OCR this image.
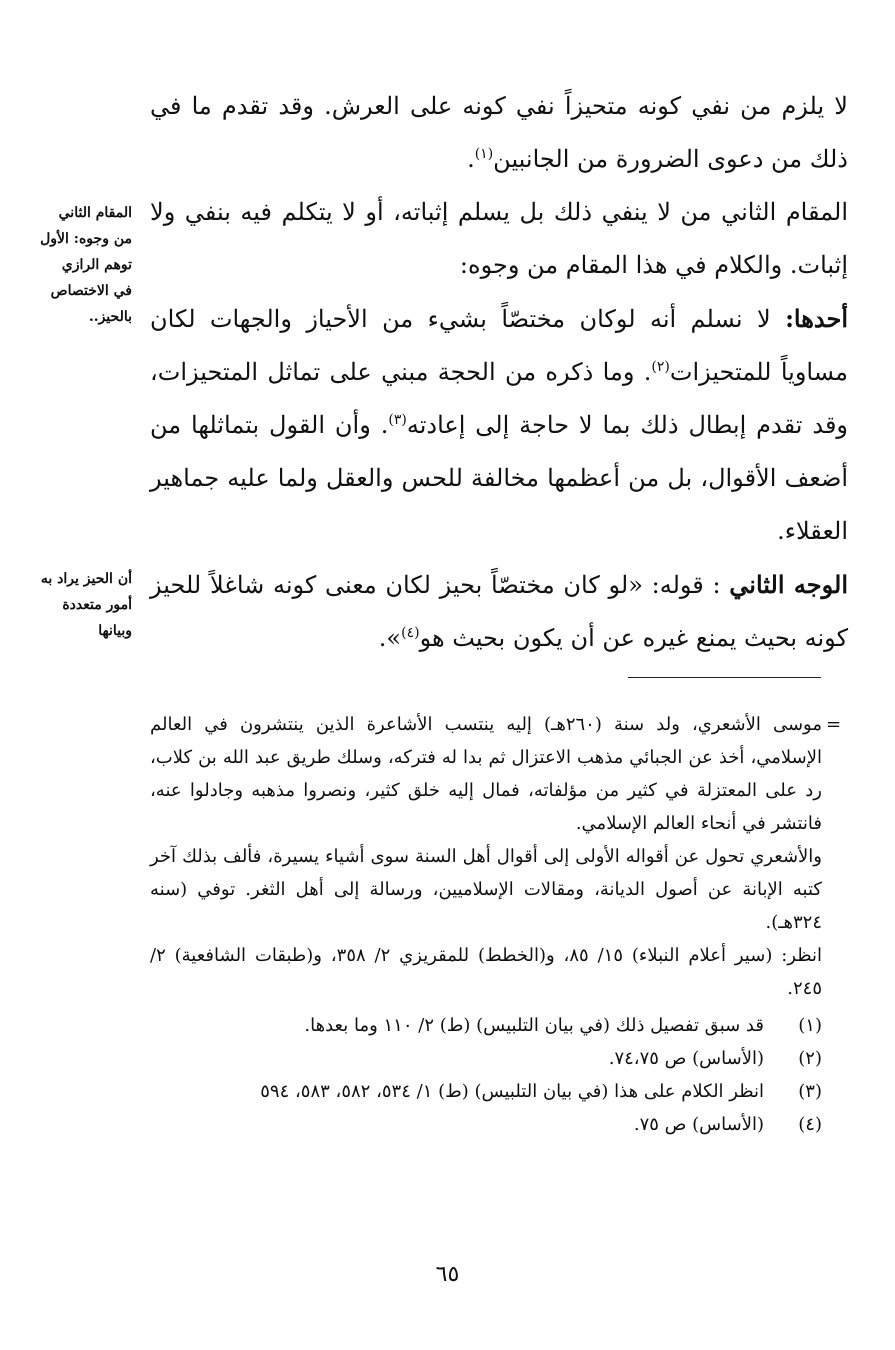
لا يلزم من نفي كونه متحيزاً نفي كونه على العرش. وقد تقدم ما في ذلك من دعوى الضرورة من الجانبين$^{(١)}$.

المقام الثاني من لا ينفي ذلك بل يسلم إثباته، أو لا يتكلم فيه بنفي ولا إثبات. والكلام في هذا المقام من وجوه:

أحدها: لا نسلم أنه لوكان مختصّاً بشيء من الأحياز والجهات لكان مساوياً للمتحيزات$^{(٢)}$. وما ذكره من الحجة مبني على تماثل المتحيزات، وقد تقدم إبطال ذلك بما لا حاجة إلى إعادته$^{(٣)}$. وأن القول بتماثلها من أضعف الأقوال، بل من أعظمها مخالفة للحس والعقل ولما عليه جماهير العقلاء.

الوجه الثاني : قوله: «لو كان مختصّاً بحيز لكان معنى كونه شاغلاً للحيز كونه بحيث يمنع غيره عن أن يكون بحيث هو$^{(٤)}$».

المقام الثاني من وجوه: الأول توهم الرازي في الاختصاص بالحيز..
أن الحيز يراد به أمور متعددة وبيانها
=

موسى الأشعري، ولد سنة (٢٦٠هـ) إليه ينتسب الأشاعرة الذين ينتشرون في العالم الإسلامي، أخذ عن الجبائي مذهب الاعتزال ثم بدا له فتركه، وسلك طريق عبد الله بن كلاب، رد على المعتزلة في كثير من مؤلفاته، فمال إليه خلق كثير، ونصروا مذهبه وجادلوا عنه، فانتشر في أنحاء العالم الإسلامي.

والأشعري تحول عن أقواله الأولى إلى أقوال أهل السنة سوى أشياء يسيرة، فألف بذلك آخر كتبه الإبانة عن أصول الديانة، ومقالات الإسلاميين، ورسالة إلى أهل الثغر. توفي (سنه ٣٢٤هـ).

انظر: (سير أعلام النبلاء) ١٥/ ٨٥، و(الخطط) للمقريزي ٢/ ٣٥٨، و(طبقات الشافعية) ٢/ ٢٤٥.

(١)
قد سبق تفصيل ذلك (في بيان التلبيس) (ط) ٢/ ١١٠ وما بعدها.
(٢)
(الأساس) ص ٧٤،٧٥.
(٣)
انظر الكلام على هذا (في بيان التلبيس) (ط) ١/ ٥٣٤، ٥٨٢، ٥٨٣، ٥٩٤
(٤)
(الأساس) ص ٧٥.
٦٥
